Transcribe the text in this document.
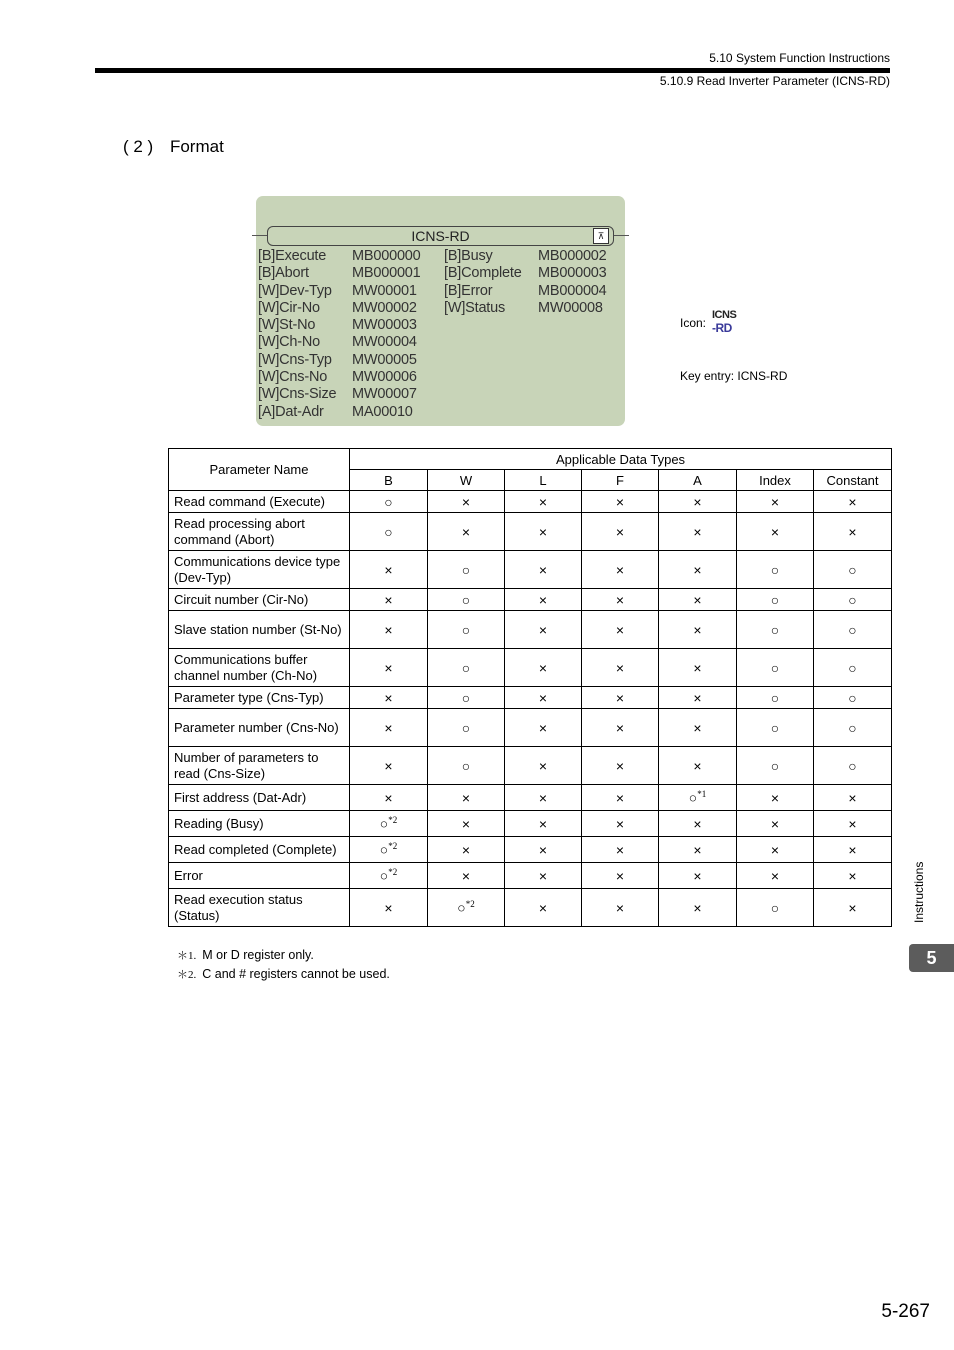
5.10 System Function Instructions
5.10.9 Read Inverter Parameter (ICNS-RD)
( 2 ) Format
ICNS-RD	⊼
[B]Execute MB000000
[B]Abort	MB000001
[W]Dev-Typ MW00001
[W]Cir-No MW00002
[W]St-No	MW00003
[W]Ch-No MW00004
[W]Cns-Typ MW00005
[W]Cns-No MW00006
[W]Cns-Size MW00007
[A]Dat-Adr MA00010
[B]Busy	MB000002
[B]Complete MB000003
[B]Error	MB000004
[W]Status MW00008
Icon:
ICNS
-RD
Key entry: ICNS-RD
Parameter Name	Applicable Data Types						
	B	W	L	F	A	Index	Constant
Read command (Execute)	○	×	×	×	×	×	×
Read processing abort command (Abort)	○	×	×	×	×	×	×
Communications device type (Dev-Typ)	×	○	×	×	×	○	○
Circuit number (Cir-No)	×	○	×	×	×	○	○
Slave station number (St-No)	×	○	×	×	×	○	○
Communications buffer channel number (Ch-No)	×	○	×	×	×	○	○
Parameter type (Cns-Typ)	×	○	×	×	×	○	○
Parameter number (Cns-No)	×	○	×	×	×	○	○
Number of parameters to read (Cns-Size)	×	○	×	×	×	○	○
First address (Dat-Adr)	×	×	×	×	○$^{*1}$	×	×
Reading (Busy)	○$^{*2}$	×	×	×	×	×	×
Read completed (Complete)	○$^{*2}$	×	×	×	×	×	×
Error	○$^{*2}$	×	×	×	×	×	×
Read execution status (Status)	×	○$^{*2}$	×	×	×	○	×
＊1. M or D register only.
＊2. C and # registers cannot be used.
Instructions
5
5-267
